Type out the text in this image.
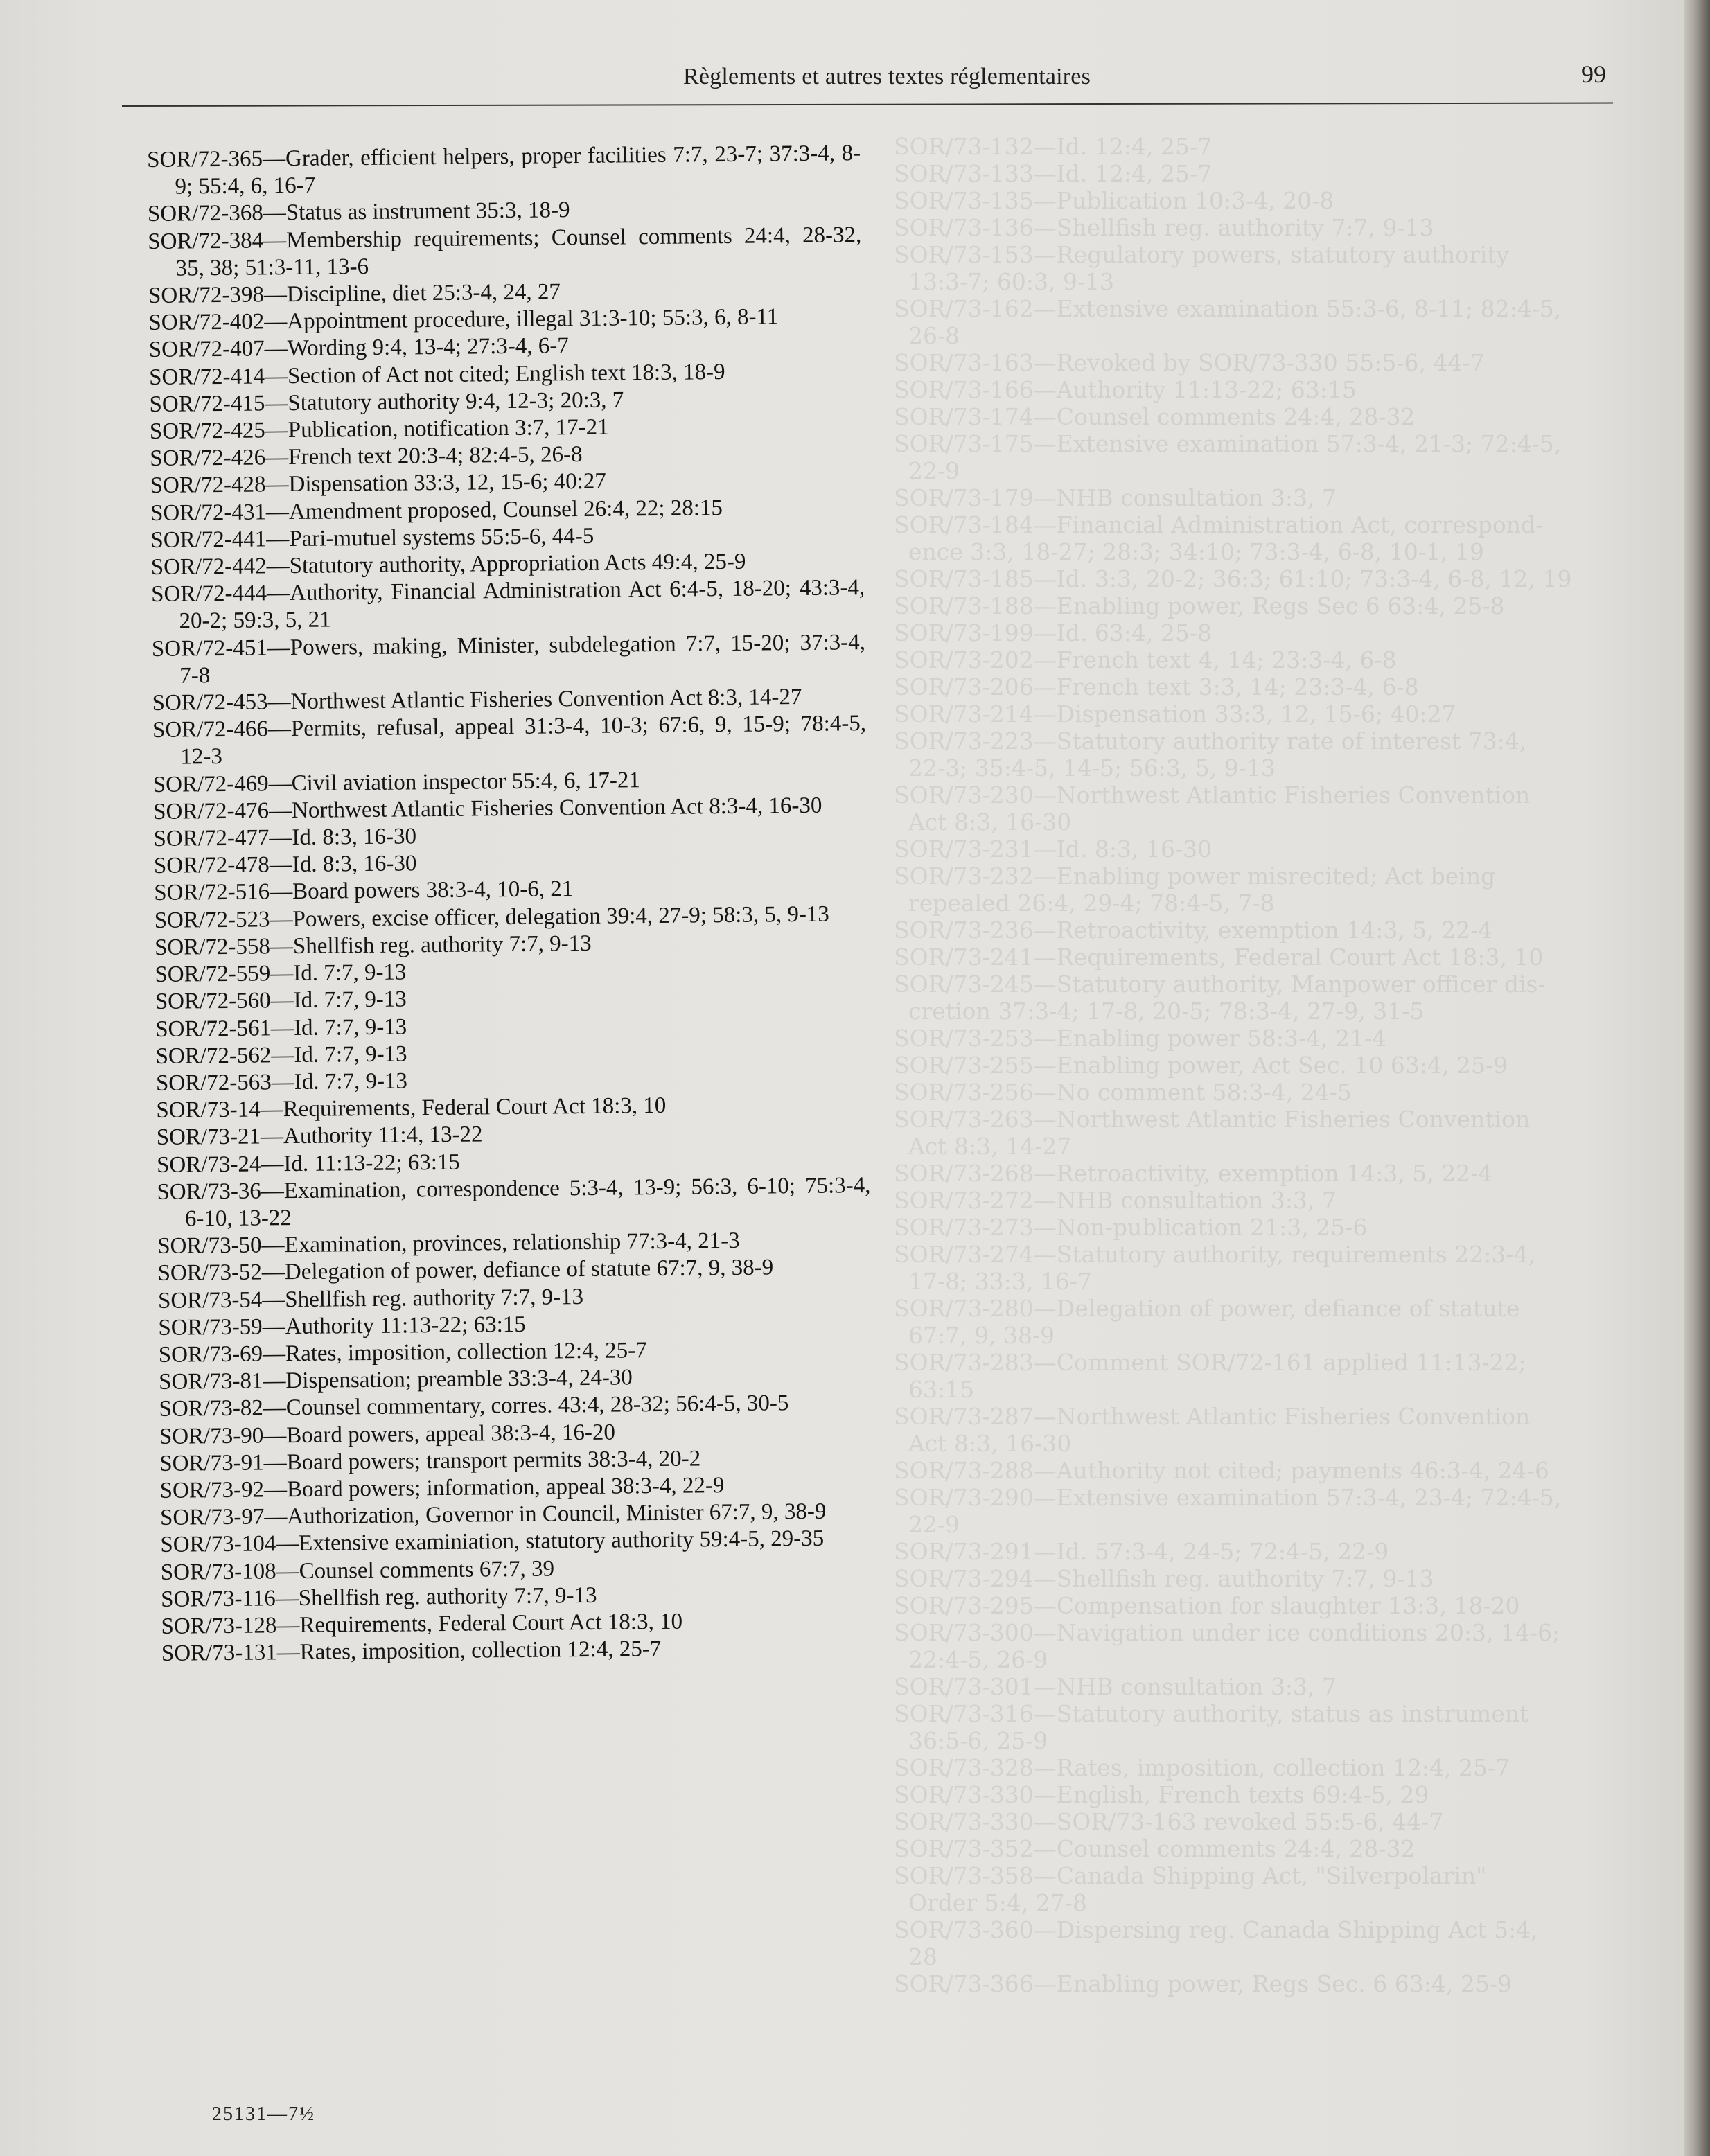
Règlements et autres textes réglementaires	99
SOR/73-132—Id. 12:4, 25-7
SOR/73-133—Id. 12:4, 25-7
SOR/73-135—Publication 10:3-4, 20-8
SOR/73-136—Shellfish reg. authority 7:7, 9-13
SOR/73-153—Regulatory powers, statutory authority
13:3-7; 60:3, 9-13
SOR/73-162—Extensive examination 55:3-6, 8-11; 82:4-5,
26-8
SOR/73-163—Revoked by SOR/73-330 55:5-6, 44-7
SOR/73-166—Authority 11:13-22; 63:15
SOR/73-174—Counsel comments 24:4, 28-32
SOR/73-175—Extensive examination 57:3-4, 21-3; 72:4-5,
22-9
SOR/73-179—NHB consultation 3:3, 7
SOR/73-184—Financial Administration Act, correspond-
ence 3:3, 18-27; 28:3; 34:10; 73:3-4, 6-8, 10-1, 19
SOR/73-185—Id. 3:3, 20-2; 36:3; 61:10; 73:3-4, 6-8, 12, 19
SOR/73-188—Enabling power, Regs Sec 6 63:4, 25-8
SOR/73-199—Id. 63:4, 25-8
SOR/73-202—French text 4, 14; 23:3-4, 6-8
SOR/73-206—French text 3:3, 14; 23:3-4, 6-8
SOR/73-214—Dispensation 33:3, 12, 15-6; 40:27
SOR/73-223—Statutory authority rate of interest 73:4,
22-3; 35:4-5, 14-5; 56:3, 5, 9-13
SOR/73-230—Northwest Atlantic Fisheries Convention
Act 8:3, 16-30
SOR/73-231—Id. 8:3, 16-30
SOR/73-232—Enabling power misrecited; Act being
repealed 26:4, 29-4; 78:4-5, 7-8
SOR/73-236—Retroactivity, exemption 14:3, 5, 22-4
SOR/73-241—Requirements, Federal Court Act 18:3, 10
SOR/73-245—Statutory authority, Manpower officer dis-
cretion 37:3-4; 17-8, 20-5; 78:3-4, 27-9, 31-5
SOR/73-253—Enabling power 58:3-4, 21-4
SOR/73-255—Enabling power, Act Sec. 10 63:4, 25-9
SOR/73-256—No comment 58:3-4, 24-5
SOR/73-263—Northwest Atlantic Fisheries Convention
Act 8:3, 14-27
SOR/73-268—Retroactivity, exemption 14:3, 5, 22-4
SOR/73-272—NHB consultation 3:3, 7
SOR/73-273—Non-publication 21:3, 25-6
SOR/73-274—Statutory authority, requirements 22:3-4,
17-8; 33:3, 16-7
SOR/73-280—Delegation of power, defiance of statute
67:7, 9, 38-9
SOR/73-283—Comment SOR/72-161 applied 11:13-22;
63:15
SOR/73-287—Northwest Atlantic Fisheries Convention
Act 8:3, 16-30
SOR/73-288—Authority not cited; payments 46:3-4, 24-6
SOR/73-290—Extensive examination 57:3-4, 23-4; 72:4-5,
22-9
SOR/73-291—Id. 57:3-4, 24-5; 72:4-5, 22-9
SOR/73-294—Shellfish reg. authority 7:7, 9-13
SOR/73-295—Compensation for slaughter 13:3, 18-20
SOR/73-300—Navigation under ice conditions 20:3, 14-6;
22:4-5, 26-9
SOR/73-301—NHB consultation 3:3, 7
SOR/73-316—Statutory authority, status as instrument
36:5-6, 25-9
SOR/73-328—Rates, imposition, collection 12:4, 25-7
SOR/73-330—English, French texts 69:4-5, 29
SOR/73-330—SOR/73-163 revoked 55:5-6, 44-7
SOR/73-352—Counsel comments 24:4, 28-32
SOR/73-358—Canada Shipping Act, "Silverpolarin"
Order 5:4, 27-8
SOR/73-360—Dispersing reg. Canada Shipping Act 5:4,
28
SOR/73-366—Enabling power, Regs Sec. 6 63:4, 25-9
SOR/72-365—Grader, efficient helpers, proper facilities 7:7, 23-7; 37:3-4, 8-9; 55:4, 6, 16-7
SOR/72-368—Status as instrument 35:3, 18-9
SOR/72-384—Membership requirements; Counsel comments 24:4, 28-32, 35, 38; 51:3-11, 13-6
SOR/72-398—Discipline, diet 25:3-4, 24, 27
SOR/72-402—Appointment procedure, illegal 31:3-10; 55:3, 6, 8-11
SOR/72-407—Wording 9:4, 13-4; 27:3-4, 6-7
SOR/72-414—Section of Act not cited; English text 18:3, 18-9
SOR/72-415—Statutory authority 9:4, 12-3; 20:3, 7
SOR/72-425—Publication, notification 3:7, 17-21
SOR/72-426—French text 20:3-4; 82:4-5, 26-8
SOR/72-428—Dispensation 33:3, 12, 15-6; 40:27
SOR/72-431—Amendment proposed, Counsel 26:4, 22; 28:15
SOR/72-441—Pari-mutuel systems 55:5-6, 44-5
SOR/72-442—Statutory authority, Appropriation Acts 49:4, 25-9
SOR/72-444—Authority, Financial Administration Act 6:4-5, 18-20; 43:3-4, 20-2; 59:3, 5, 21
SOR/72-451—Powers, making, Minister, subdelegation 7:7, 15-20; 37:3-4, 7-8
SOR/72-453—Northwest Atlantic Fisheries Convention Act 8:3, 14-27
SOR/72-466—Permits, refusal, appeal 31:3-4, 10-3; 67:6, 9, 15-9; 78:4-5, 12-3
SOR/72-469—Civil aviation inspector 55:4, 6, 17-21
SOR/72-476—Northwest Atlantic Fisheries Convention Act 8:3-4, 16-30
SOR/72-477—Id. 8:3, 16-30
SOR/72-478—Id. 8:3, 16-30
SOR/72-516—Board powers 38:3-4, 10-6, 21
SOR/72-523—Powers, excise officer, delegation 39:4, 27-9; 58:3, 5, 9-13
SOR/72-558—Shellfish reg. authority 7:7, 9-13
SOR/72-559—Id. 7:7, 9-13
SOR/72-560—Id. 7:7, 9-13
SOR/72-561—Id. 7:7, 9-13
SOR/72-562—Id. 7:7, 9-13
SOR/72-563—Id. 7:7, 9-13
SOR/73-14—Requirements, Federal Court Act 18:3, 10
SOR/73-21—Authority 11:4, 13-22
SOR/73-24—Id. 11:13-22; 63:15
SOR/73-36—Examination, correspondence 5:3-4, 13-9; 56:3, 6-10; 75:3-4, 6-10, 13-22
SOR/73-50—Examination, provinces, relationship 77:3-4, 21-3
SOR/73-52—Delegation of power, defiance of statute 67:7, 9, 38-9
SOR/73-54—Shellfish reg. authority 7:7, 9-13
SOR/73-59—Authority 11:13-22; 63:15
SOR/73-69—Rates, imposition, collection 12:4, 25-7
SOR/73-81—Dispensation; preamble 33:3-4, 24-30
SOR/73-82—Counsel commentary, corres. 43:4, 28-32; 56:4-5, 30-5
SOR/73-90—Board powers, appeal 38:3-4, 16-20
SOR/73-91—Board powers; transport permits 38:3-4, 20-2
SOR/73-92—Board powers; information, appeal 38:3-4, 22-9
SOR/73-97—Authorization, Governor in Council, Minister 67:7, 9, 38-9
SOR/73-104—Extensive examiniation, statutory authority 59:4-5, 29-35
SOR/73-108—Counsel comments 67:7, 39
SOR/73-116—Shellfish reg. authority 7:7, 9-13
SOR/73-128—Requirements, Federal Court Act 18:3, 10
SOR/73-131—Rates, imposition, collection 12:4, 25-7
25131—7½
